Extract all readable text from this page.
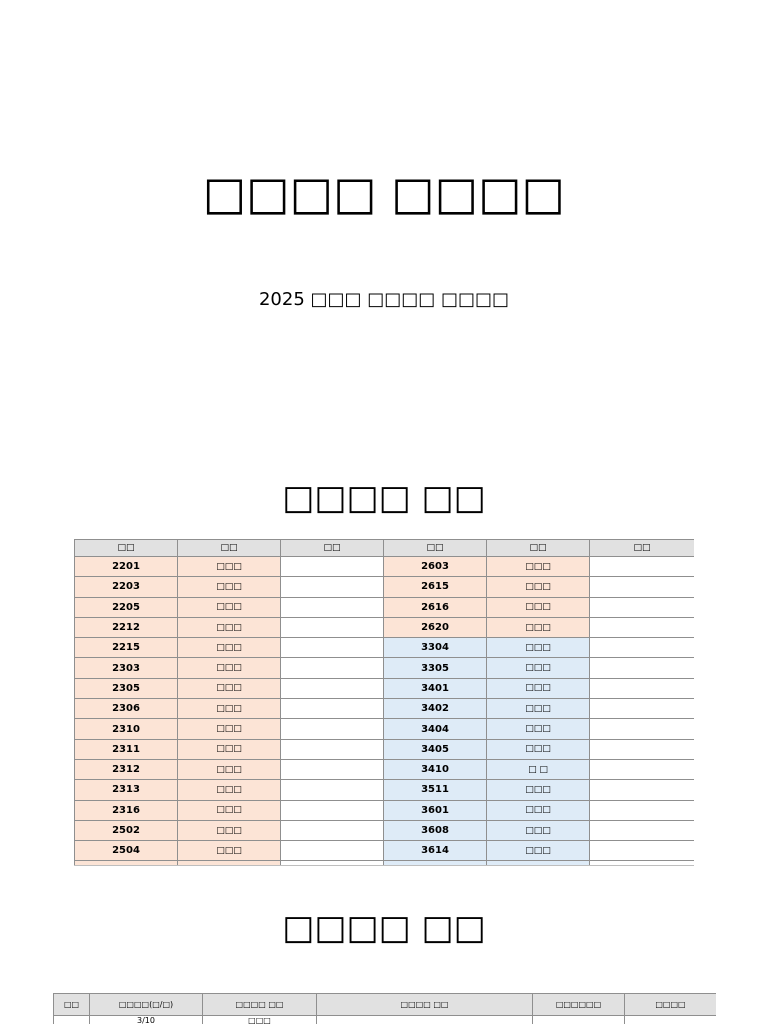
□□□□ □□□□

2025 □□□ □□□□ □□□□

□□□□ □□
□□	□□	□□	□□	□□	□□
2201	□□□		2603	□□□	
2203	□□□		2615	□□□	
2205	□□□		2616	□□□	
2212	□□□		2620	□□□	
2215	□□□		3304	□□□	
2303	□□□		3305	□□□	
2305	□□□		3401	□□□	
2306	□□□		3402	□□□	
2310	□□□		3404	□□□	
2311	□□□		3405	□□□	
2312	□□□		3410	□ □	
2313	□□□		3511	□□□	
2316	□□□		3601	□□□	
2502	□□□		3608	□□□	
2504	□□□		3614	□□□	

□□□□ □□
□□	□□□□(□/□)	□□□□ □□	□□□□ □□	□□□□□□	□□□□
	3/10	□□□			
